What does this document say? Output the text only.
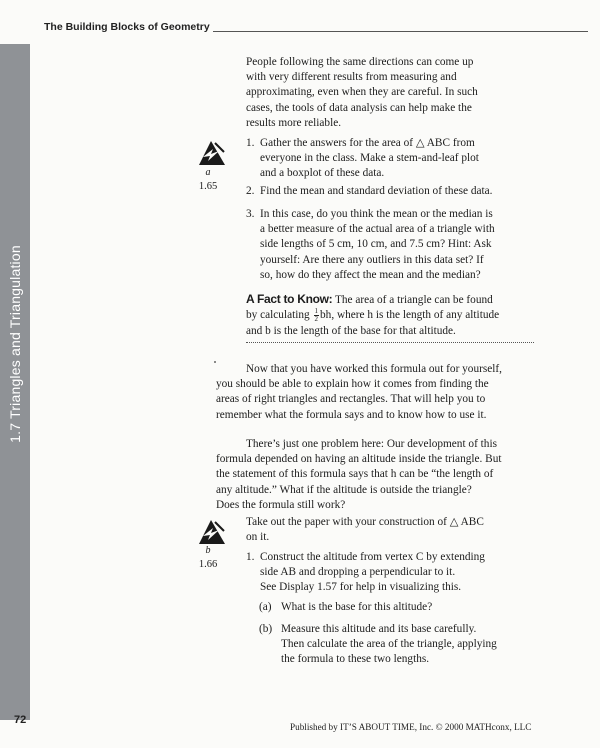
The Building Blocks of Geometry
1.7 Triangles and Triangulation
People following the same directions can come up
with very different results from measuring and
approximating, even when they are careful. In such
cases, the tools of data analysis can help make the
results more reliable.
a
1.65
1. Gather the answers for the area of △ ABC from
everyone in the class. Make a stem-and-leaf plot
and a boxplot of these data.
2. Find the mean and standard deviation of these data.
3. In this case, do you think the mean or the median is
a better measure of the actual area of a triangle with
side lengths of 5 cm, 10 cm, and 7.5 cm? Hint: Ask
yourself: Are there any outliers in this data set? If
so, how do they affect the mean and the median?
A Fact to Know: The area of a triangle can be found
by calculating $\frac{1}{2}$ bh, where h is the length of any altitude
and b is the length of the base for that altitude.
Now that you have worked this formula out for yourself,
you should be able to explain how it comes from finding the
areas of right triangles and rectangles. That will help you to
remember what the formula says and to know how to use it.
There’s just one problem here: Our development of this
formula depended on having an altitude inside the triangle. But
the statement of this formula says that h can be “the length of
any altitude.” What if the altitude is outside the triangle?
Does the formula still work?
b
1.66
Take out the paper with your construction of △ ABC
on it.
1. Construct the altitude from vertex C by extending
side AB and dropping a perpendicular to it.
See Display 1.57 for help in visualizing this.
(a) What is the base for this altitude?
(b) Measure this altitude and its base carefully.
Then calculate the area of the triangle, applying
the formula to these two lengths.
72
Published by IT’S ABOUT TIME, Inc. © 2000 MATHconx, LLC
